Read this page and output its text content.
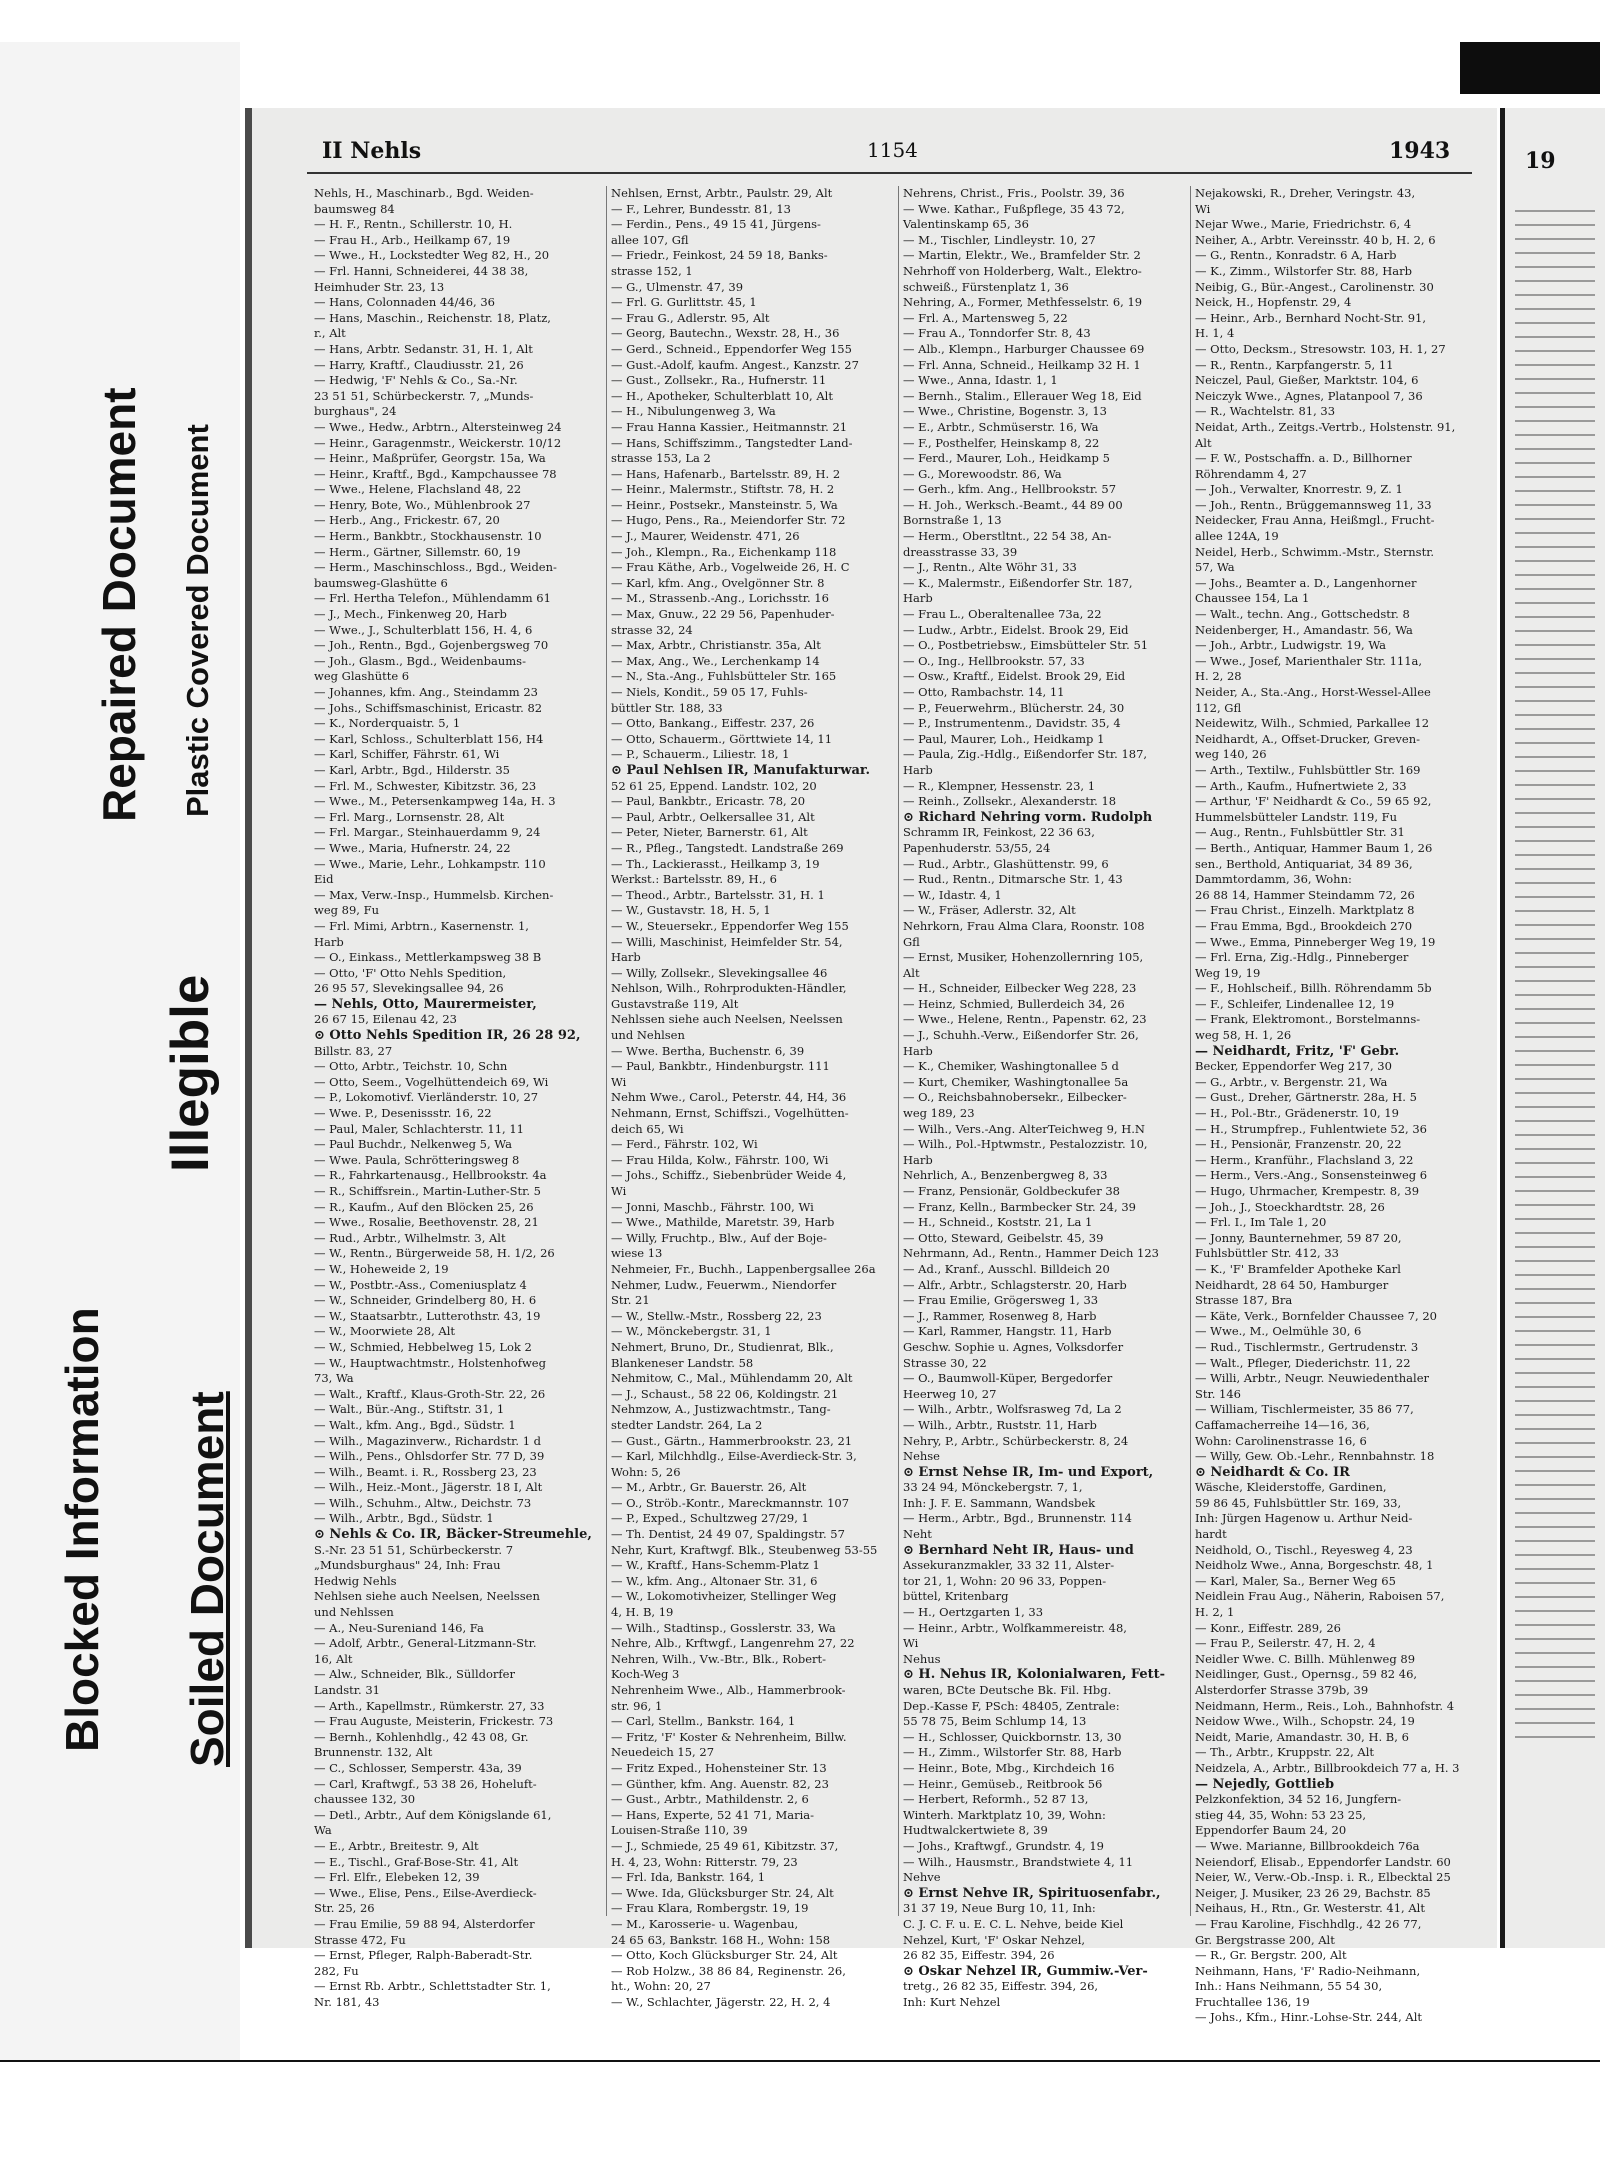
Repaired Document Plastic Covered Document
Illegible
Blocked Information Soiled Document
II Nehls	1154	1943
Nehls, H., Maschinarb., Bgd. Weiden-
baumsweg 84
— H. F., Rentn., Schillerstr. 10, H.
— Frau H., Arb., Heilkamp 67, 19
— Wwe., H., Lockstedter Weg 82, H., 20
— Frl. Hanni, Schneiderei, 44 38 38,
Heimhuder Str. 23, 13
— Hans, Colonnaden 44/46, 36
— Hans, Maschin., Reichenstr. 18, Platz,
r., Alt
— Hans, Arbtr. Sedanstr. 31, H. 1, Alt
— Harry, Kraftf., Claudiusstr. 21, 26
— Hedwig, 'F' Nehls & Co., Sa.-Nr.
23 51 51, Schürbeckerstr. 7, „Munds-
burghaus", 24
— Wwe., Hedw., Arbtrn., Altersteinweg 24
— Heinr., Garagenmstr., Weickerstr. 10/12
— Heinr., Maßprüfer, Georgstr. 15a, Wa
— Heinr., Kraftf., Bgd., Kampchaussee 78
— Wwe., Helene, Flachsland 48, 22
— Henry, Bote, Wo., Mühlenbrook 27
— Herb., Ang., Frickestr. 67, 20
— Herm., Bankbtr., Stockhausenstr. 10
— Herm., Gärtner, Sillemstr. 60, 19
— Herm., Maschinschloss., Bgd., Weiden-
baumsweg-Glashütte 6
— Frl. Hertha Telefon., Mühlendamm 61
— J., Mech., Finkenweg 20, Harb
— Wwe., J., Schulterblatt 156, H. 4, 6
— Joh., Rentn., Bgd., Gojenbergsweg 70
— Joh., Glasm., Bgd., Weidenbaums-
weg Glashütte 6
— Johannes, kfm. Ang., Steindamm 23
— Johs., Schiffsmaschinist, Ericastr. 82
— K., Norderquaistr. 5, 1
— Karl, Schloss., Schulterblatt 156, H4
— Karl, Schiffer, Fährstr. 61, Wi
— Karl, Arbtr., Bgd., Hilderstr. 35
— Frl. M., Schwester, Kibitzstr. 36, 23
— Wwe., M., Petersenkampweg 14a, H. 3
— Frl. Marg., Lornsenstr. 28, Alt
— Frl. Margar., Steinhauerdamm 9, 24
— Wwe., Maria, Hufnerstr. 24, 22
— Wwe., Marie, Lehr., Lohkampstr. 110
Eid
— Max, Verw.-Insp., Hummelsb. Kirchen-
weg 89, Fu
— Frl. Mimi, Arbtrn., Kasernenstr. 1,
Harb
— O., Einkass., Mettlerkampsweg 38 B
— Otto, 'F' Otto Nehls Spedition,
26 95 57, Slevekingsallee 94, 26
— Nehls, Otto, Maurermeister,
26 67 15, Eilenau 42, 23
⊙ Otto Nehls Spedition IR, 26 28 92,
Billstr. 83, 27
— Otto, Arbtr., Teichstr. 10, Schn
— Otto, Seem., Vogelhüttendeich 69, Wi
— P., Lokomotivf. Vierländerstr. 10, 27
— Wwe. P., Desenissstr. 16, 22
— Paul, Maler, Schlachterstr. 11, 11
— Paul Buchdr., Nelkenweg 5, Wa
— Wwe. Paula, Schrötteringsweg 8
— R., Fahrkartenausg., Hellbrookstr. 4a
— R., Schiffsrein., Martin-Luther-Str. 5
— R., Kaufm., Auf den Blöcken 25, 26
— Wwe., Rosalie, Beethovenstr. 28, 21
— Rud., Arbtr., Wilhelmstr. 3, Alt
— W., Rentn., Bürgerweide 58, H. 1/2, 26
— W., Hoheweide 2, 19
— W., Postbtr.-Ass., Comeniusplatz 4
— W., Schneider, Grindelberg 80, H. 6
— W., Staatsarbtr., Lutterothstr. 43, 19
— W., Moorwiete 28, Alt
— W., Schmied, Hebbelweg 15, Lok 2
— W., Hauptwachtmstr., Holstenhofweg
73, Wa
— Walt., Kraftf., Klaus-Groth-Str. 22, 26
— Walt., Bür.-Ang., Stiftstr. 31, 1
— Walt., kfm. Ang., Bgd., Südstr. 1
— Wilh., Magazinverw., Richardstr. 1 d
— Wilh., Pens., Ohlsdorfer Str. 77 D, 39
— Wilh., Beamt. i. R., Rossberg 23, 23
— Wilh., Heiz.-Mont., Jägerstr. 18 I, Alt
— Wilh., Schuhm., Altw., Deichstr. 73
— Wilh., Arbtr., Bgd., Südstr. 1
⊙ Nehls & Co. IR, Bäcker-Streumehle,
S.-Nr. 23 51 51, Schürbeckerstr. 7
„Mundsburghaus" 24, Inh: Frau
Hedwig Nehls
Nehlsen siehe auch Neelsen, Neelssen
und Nehlssen
— A., Neu-Sureniand 146, Fa
— Adolf, Arbtr., General-Litzmann-Str.
16, Alt
— Alw., Schneider, Blk., Sülldorfer
Landstr. 31
— Arth., Kapellmstr., Rümkerstr. 27, 33
— Frau Auguste, Meisterin, Frickestr. 73
— Bernh., Kohlenhdlg., 42 43 08, Gr.
Brunnenstr. 132, Alt
— C., Schlosser, Semperstr. 43a, 39
— Carl, Kraftwgf., 53 38 26, Hoheluft-
chaussee 132, 30
— Detl., Arbtr., Auf dem Königslande 61,
Wa
— E., Arbtr., Breitestr. 9, Alt
— E., Tischl., Graf-Bose-Str. 41, Alt
— Frl. Elfr., Elebeken 12, 39
— Wwe., Elise, Pens., Eilse-Averdieck-
Str. 25, 26
— Frau Emilie, 59 88 94, Alsterdorfer
Strasse 472, Fu
— Ernst, Pfleger, Ralph-Baberadt-Str.
282, Fu
— Ernst Rb. Arbtr., Schlettstadter Str. 1,
Nr. 181, 43
Nehlsen, Ernst, Arbtr., Paulstr. 29, Alt
— F., Lehrer, Bundesstr. 81, 13
— Ferdin., Pens., 49 15 41, Jürgens-
allee 107, Gfl
— Friedr., Feinkost, 24 59 18, Banks-
strasse 152, 1
— G., Ulmenstr. 47, 39
— Frl. G. Gurlittstr. 45, 1
— Frau G., Adlerstr. 95, Alt
— Georg, Bautechn., Wexstr. 28, H., 36
— Gerd., Schneid., Eppendorfer Weg 155
— Gust.-Adolf, kaufm. Angest., Kanzstr. 27
— Gust., Zollsekr., Ra., Hufnerstr. 11
— H., Apotheker, Schulterblatt 10, Alt
— H., Nibulungenweg 3, Wa
— Frau Hanna Kassier., Heitmannstr. 21
— Hans, Schiffszimm., Tangstedter Land-
strasse 153, La 2
— Hans, Hafenarb., Bartelsstr. 89, H. 2
— Heinr., Malermstr., Stiftstr. 78, H. 2
— Heinr., Postsekr., Mansteinstr. 5, Wa
— Hugo, Pens., Ra., Meiendorfer Str. 72
— J., Maurer, Weidenstr. 471, 26
— Joh., Klempn., Ra., Eichenkamp 118
— Frau Käthe, Arb., Vogelweide 26, H. C
— Karl, kfm. Ang., Ovelgönner Str. 8
— M., Strassenb.-Ang., Lorichsstr. 16
— Max, Gnuw., 22 29 56, Papenhuder-
strasse 32, 24
— Max, Arbtr., Christianstr. 35a, Alt
— Max, Ang., We., Lerchenkamp 14
— N., Sta.-Ang., Fuhlsbütteler Str. 165
— Niels, Kondit., 59 05 17, Fuhls-
büttler Str. 188, 33
— Otto, Bankang., Eiffestr. 237, 26
— Otto, Schauerm., Görttwiete 14, 11
— P., Schauerm., Liliestr. 18, 1
⊙ Paul Nehlsen IR, Manufakturwar.
52 61 25, Eppend. Landstr. 102, 20
— Paul, Bankbtr., Ericastr. 78, 20
— Paul, Arbtr., Oelkersallee 31, Alt
— Peter, Nieter, Barnerstr. 61, Alt
— R., Pfleg., Tangstedt. Landstraße 269
— Th., Lackierasst., Heilkamp 3, 19
Werkst.: Bartelsstr. 89, H., 6
— Theod., Arbtr., Bartelsstr. 31, H. 1
— W., Gustavstr. 18, H. 5, 1
— W., Steuersekr., Eppendorfer Weg 155
— Willi, Maschinist, Heimfelder Str. 54,
Harb
— Willy, Zollsekr., Slevekingsallee 46
Nehlson, Wilh., Rohrprodukten-Händler,
Gustavstraße 119, Alt
Nehlssen siehe auch Neelsen, Neelssen
und Nehlsen
— Wwe. Bertha, Buchenstr. 6, 39
— Paul, Bankbtr., Hindenburgstr. 111
Wi
Nehm Wwe., Carol., Peterstr. 44, H4, 36
Nehmann, Ernst, Schiffszi., Vogelhütten-
deich 65, Wi
— Ferd., Fährstr. 102, Wi
— Frau Hilda, Kolw., Fährstr. 100, Wi
— Johs., Schiffz., Siebenbrüder Weide 4,
Wi
— Jonni, Maschb., Fährstr. 100, Wi
— Wwe., Mathilde, Maretstr. 39, Harb
— Willy, Fruchtp., Blw., Auf der Boje-
wiese 13
Nehmeier, Fr., Buchh., Lappenbergsallee 26a
Nehmer, Ludw., Feuerwm., Niendorfer
Str. 21
— W., Stellw.-Mstr., Rossberg 22, 23
— W., Mönckebergstr. 31, 1
Nehmert, Bruno, Dr., Studienrat, Blk.,
Blankeneser Landstr. 58
Nehmitow, C., Mal., Mühlendamm 20, Alt
— J., Schaust., 58 22 06, Koldingstr. 21
Nehmzow, A., Justizwachtmstr., Tang-
stedter Landstr. 264, La 2
— Gust., Gärtn., Hammerbrookstr. 23, 21
— Karl, Milchhdlg., Eilse-Averdieck-Str. 3,
Wohn: 5, 26
— M., Arbtr., Gr. Bauerstr. 26, Alt
— O., Ströb.-Kontr., Mareckmannstr. 107
— P., Exped., Schultzweg 27/29, 1
— Th. Dentist, 24 49 07, Spaldingstr. 57
Nehr, Kurt, Kraftwgf. Blk., Steubenweg 53-55
— W., Kraftf., Hans-Schemm-Platz 1
— W., kfm. Ang., Altonaer Str. 31, 6
— W., Lokomotivheizer, Stellinger Weg
4, H. B, 19
— Wilh., Stadtinsp., Gosslerstr. 33, Wa
Nehre, Alb., Krftwgf., Langenrehm 27, 22
Nehren, Wilh., Vw.-Btr., Blk., Robert-
Koch-Weg 3
Nehrenheim Wwe., Alb., Hammerbrook-
str. 96, 1
— Carl, Stellm., Bankstr. 164, 1
— Fritz, 'F' Koster & Nehrenheim, Billw.
Neuedeich 15, 27
— Fritz Exped., Hohensteiner Str. 13
— Günther, kfm. Ang. Auenstr. 82, 23
— Gust., Arbtr., Mathildenstr. 2, 6
— Hans, Experte, 52 41 71, Maria-
Louisen-Straße 110, 39
— J., Schmiede, 25 49 61, Kibitzstr. 37,
H. 4, 23, Wohn: Ritterstr. 79, 23
— Frl. Ida, Bankstr. 164, 1
— Wwe. Ida, Glücksburger Str. 24, Alt
— Frau Klara, Rombergstr. 19, 19
— M., Karosserie- u. Wagenbau,
24 65 63, Bankstr. 168 H., Wohn: 158
— Otto, Koch Glücksburger Str. 24, Alt
— Rob Holzw., 38 86 84, Reginenstr. 26,
ht., Wohn: 20, 27
— W., Schlachter, Jägerstr. 22, H. 2, 4
Nehrens, Christ., Fris., Poolstr. 39, 36
— Wwe. Kathar., Fußpflege, 35 43 72,
Valentinskamp 65, 36
— M., Tischler, Lindleystr. 10, 27
— Martin, Elektr., We., Bramfelder Str. 2
Nehrhoff von Holderberg, Walt., Elektro-
schweiß., Fürstenplatz 1, 36
Nehring, A., Former, Methfesselstr. 6, 19
— Frl. A., Martensweg 5, 22
— Frau A., Tonndorfer Str. 8, 43
— Alb., Klempn., Harburger Chaussee 69
— Frl. Anna, Schneid., Heilkamp 32 H. 1
— Wwe., Anna, Idastr. 1, 1
— Bernh., Stalim., Ellerauer Weg 18, Eid
— Wwe., Christine, Bogenstr. 3, 13
— E., Arbtr., Schmüserstr. 16, Wa
— F., Posthelfer, Heinskamp 8, 22
— Ferd., Maurer, Loh., Heidkamp 5
— G., Morewoodstr. 86, Wa
— Gerh., kfm. Ang., Hellbrookstr. 57
— H. Joh., Werksch.-Beamt., 44 89 00
Bornstraße 1, 13
— Herm., Oberstltnt., 22 54 38, An-
dreasstrasse 33, 39
— J., Rentn., Alte Wöhr 31, 33
— K., Malermstr., Eißendorfer Str. 187,
Harb
— Frau L., Oberaltenallee 73a, 22
— Ludw., Arbtr., Eidelst. Brook 29, Eid
— O., Postbetriebsw., Eimsbütteler Str. 51
— O., Ing., Hellbrookstr. 57, 33
— Osw., Kraftf., Eidelst. Brook 29, Eid
— Otto, Rambachstr. 14, 11
— P., Feuerwehrm., Blücherstr. 24, 30
— P., Instrumentenm., Davidstr. 35, 4
— Paul, Maurer, Loh., Heidkamp 1
— Paula, Zig.-Hdlg., Eißendorfer Str. 187,
Harb
— R., Klempner, Hessenstr. 23, 1
— Reinh., Zollsekr., Alexanderstr. 18
⊙ Richard Nehring vorm. Rudolph
Schramm IR, Feinkost, 22 36 63,
Papenhuderstr. 53/55, 24
— Rud., Arbtr., Glashüttenstr. 99, 6
— Rud., Rentn., Ditmarsche Str. 1, 43
— W., Idastr. 4, 1
— W., Fräser, Adlerstr. 32, Alt
Nehrkorn, Frau Alma Clara, Roonstr. 108
Gfl
— Ernst, Musiker, Hohenzollernring 105,
Alt
— H., Schneider, Eilbecker Weg 228, 23
— Heinz, Schmied, Bullerdeich 34, 26
— Wwe., Helene, Rentn., Papenstr. 62, 23
— J., Schuhh.-Verw., Eißendorfer Str. 26,
Harb
— K., Chemiker, Washingtonallee 5 d
— Kurt, Chemiker, Washingtonallee 5a
— O., Reichsbahnobersekr., Eilbecker-
weg 189, 23
— Wilh., Vers.-Ang. AlterTeichweg 9, H.N
— Wilh., Pol.-Hptwmstr., Pestalozzistr. 10,
Harb
Nehrlich, A., Benzenbergweg 8, 33
— Franz, Pensionär, Goldbeckufer 38
— Franz, Kelln., Barmbecker Str. 24, 39
— H., Schneid., Koststr. 21, La 1
— Otto, Steward, Geibelstr. 45, 39
Nehrmann, Ad., Rentn., Hammer Deich 123
— Ad., Kranf., Ausschl. Billdeich 20
— Alfr., Arbtr., Schlagsterstr. 20, Harb
— Frau Emilie, Grögersweg 1, 33
— J., Rammer, Rosenweg 8, Harb
— Karl, Rammer, Hangstr. 11, Harb
Geschw. Sophie u. Agnes, Volksdorfer
Strasse 30, 22
— O., Baumwoll-Küper, Bergedorfer
Heerweg 10, 27
— Wilh., Arbtr., Wolfsrasweg 7d, La 2
— Wilh., Arbtr., Ruststr. 11, Harb
Nehry, P., Arbtr., Schürbeckerstr. 8, 24
Nehse
⊙ Ernst Nehse IR, Im- und Export,
33 24 94, Mönckebergstr. 7, 1,
Inh: J. F. E. Sammann, Wandsbek
— Herm., Arbtr., Bgd., Brunnenstr. 114
Neht
⊙ Bernhard Neht IR, Haus- und
Assekuranzmakler, 33 32 11, Alster-
tor 21, 1, Wohn: 20 96 33, Poppen-
büttel, Kritenbarg
— H., Oertzgarten 1, 33
— Heinr., Arbtr., Wolfkammereistr. 48,
Wi
Nehus
⊙ H. Nehus IR, Kolonialwaren, Fett-
waren, BCte Deutsche Bk. Fil. Hbg.
Dep.-Kasse F, PSch: 48405, Zentrale:
55 78 75, Beim Schlump 14, 13
— H., Schlosser, Quickbornstr. 13, 30
— H., Zimm., Wilstorfer Str. 88, Harb
— Heinr., Bote, Mbg., Kirchdeich 16
— Heinr., Gemüseb., Reitbrook 56
— Herbert, Reformh., 52 87 13,
Winterh. Marktplatz 10, 39, Wohn:
Hudtwalckertwiete 8, 39
— Johs., Kraftwgf., Grundstr. 4, 19
— Wilh., Hausmstr., Brandstwiete 4, 11
Nehve
⊙ Ernst Nehve IR, Spirituosenfabr.,
31 37 19, Neue Burg 10, 11, Inh:
C. J. C. F. u. E. C. L. Nehve, beide Kiel
Nehzel, Kurt, 'F' Oskar Nehzel,
26 82 35, Eiffestr. 394, 26
⊙ Oskar Nehzel IR, Gummiw.-Ver-
tretg., 26 82 35, Eiffestr. 394, 26,
Inh: Kurt Nehzel
Nejakowski, R., Dreher, Veringstr. 43,
Wi
Nejar Wwe., Marie, Friedrichstr. 6, 4
Neiher, A., Arbtr. Vereinsstr. 40 b, H. 2, 6
— G., Rentn., Konradstr. 6 A, Harb
— K., Zimm., Wilstorfer Str. 88, Harb
Neibig, G., Bür.-Angest., Carolinenstr. 30
Neick, H., Hopfenstr. 29, 4
— Heinr., Arb., Bernhard Nocht-Str. 91,
H. 1, 4
— Otto, Decksm., Stresowstr. 103, H. 1, 27
— R., Rentn., Karpfangerstr. 5, 11
Neiczel, Paul, Gießer, Marktstr. 104, 6
Neiczyk Wwe., Agnes, Platanpool 7, 36
— R., Wachtelstr. 81, 33
Neidat, Arth., Zeitgs.-Vertrb., Holstenstr. 91,
Alt
— F. W., Postschaffn. a. D., Billhorner
Röhrendamm 4, 27
— Joh., Verwalter, Knorrestr. 9, Z. 1
— Joh., Rentn., Brüggemannsweg 11, 33
Neidecker, Frau Anna, Heißmgl., Frucht-
allee 124A, 19
Neidel, Herb., Schwimm.-Mstr., Sternstr.
57, Wa
— Johs., Beamter a. D., Langenhorner
Chaussee 154, La 1
— Walt., techn. Ang., Gottschedstr. 8
Neidenberger, H., Amandastr. 56, Wa
— Joh., Arbtr., Ludwigstr. 19, Wa
— Wwe., Josef, Marienthaler Str. 111a,
H. 2, 28
Neider, A., Sta.-Ang., Horst-Wessel-Allee
112, Gfl
Neidewitz, Wilh., Schmied, Parkallee 12
Neidhardt, A., Offset-Drucker, Greven-
weg 140, 26
— Arth., Textilw., Fuhlsbüttler Str. 169
— Arth., Kaufm., Hufnertwiete 2, 33
— Arthur, 'F' Neidhardt & Co., 59 65 92,
Hummelsbütteler Landstr. 119, Fu
— Aug., Rentn., Fuhlsbüttler Str. 31
— Berth., Antiquar, Hammer Baum 1, 26
sen., Berthold, Antiquariat, 34 89 36,
Dammtordamm, 36, Wohn:
26 88 14, Hammer Steindamm 72, 26
— Frau Christ., Einzelh. Marktplatz 8
— Frau Emma, Bgd., Brookdeich 270
— Wwe., Emma, Pinneberger Weg 19, 19
— Frl. Erna, Zig.-Hdlg., Pinneberger
Weg 19, 19
— F., Hohlscheif., Billh. Röhrendamm 5b
— F., Schleifer, Lindenallee 12, 19
— Frank, Elektromont., Borstelmanns-
weg 58, H. 1, 26
— Neidhardt, Fritz, 'F' Gebr.
Becker, Eppendorfer Weg 217, 30
— G., Arbtr., v. Bergenstr. 21, Wa
— Gust., Dreher, Gärtnerstr. 28a, H. 5
— H., Pol.-Btr., Grädenerstr. 10, 19
— H., Strumpfrep., Fuhlentwiete 52, 36
— H., Pensionär, Franzenstr. 20, 22
— Herm., Kranführ., Flachsland 3, 22
— Herm., Vers.-Ang., Sonsensteinweg 6
— Hugo, Uhrmacher, Krempestr. 8, 39
— Joh., J., Stoeckhardtstr. 28, 26
— Frl. I., Im Tale 1, 20
— Jonny, Baunternehmer, 59 87 20,
Fuhlsbüttler Str. 412, 33
— K., 'F' Bramfelder Apotheke Karl
Neidhardt, 28 64 50, Hamburger
Strasse 187, Bra
— Käte, Verk., Bornfelder Chaussee 7, 20
— Wwe., M., Oelmühle 30, 6
— Rud., Tischlermstr., Gertrudenstr. 3
— Walt., Pfleger, Diederichstr. 11, 22
— Willi, Arbtr., Neugr. Neuwiedenthaler
Str. 146
— William, Tischlermeister, 35 86 77,
Caffamacherreihe 14—16, 36,
Wohn: Carolinenstrasse 16, 6
— Willy, Gew. Ob.-Lehr., Rennbahnstr. 18
⊙ Neidhardt & Co. IR
Wäsche, Kleiderstoffe, Gardinen,
59 86 45, Fuhlsbüttler Str. 169, 33,
Inh: Jürgen Hagenow u. Arthur Neid-
hardt
Neidhold, O., Tischl., Reyesweg 4, 23
Neidholz Wwe., Anna, Borgeschstr. 48, 1
— Karl, Maler, Sa., Berner Weg 65
Neidlein Frau Aug., Näherin, Raboisen 57,
H. 2, 1
— Konr., Eiffestr. 289, 26
— Frau P., Seilerstr. 47, H. 2, 4
Neidler Wwe. C. Billh. Mühlenweg 89
Neidlinger, Gust., Opernsg., 59 82 46,
Alsterdorfer Strasse 379b, 39
Neidmann, Herm., Reis., Loh., Bahnhofstr. 4
Neidow Wwe., Wilh., Schopstr. 24, 19
Neidt, Marie, Amandastr. 30, H. B, 6
— Th., Arbtr., Kruppstr. 22, Alt
Neidzela, A., Arbtr., Billbrookdeich 77 a, H. 3
— Nejedly, Gottlieb
Pelzkonfektion, 34 52 16, Jungfern-
stieg 44, 35, Wohn: 53 23 25,
Eppendorfer Baum 24, 20
— Wwe. Marianne, Billbrookdeich 76a
Neiendorf, Elisab., Eppendorfer Landstr. 60
Neier, W., Verw.-Ob.-Insp. i. R., Elbecktal 25
Neiger, J. Musiker, 23 26 29, Bachstr. 85
Neihaus, H., Rtn., Gr. Westerstr. 41, Alt
— Frau Karoline, Fischhdlg., 42 26 77,
Gr. Bergstrasse 200, Alt
— R., Gr. Bergstr. 200, Alt
Neihmann, Hans, 'F' Radio-Neihmann,
Inh.: Hans Neihmann, 55 54 30,
Fruchtallee 136, 19
— Johs., Kfm., Hinr.-Lohse-Str. 244, Alt
19
